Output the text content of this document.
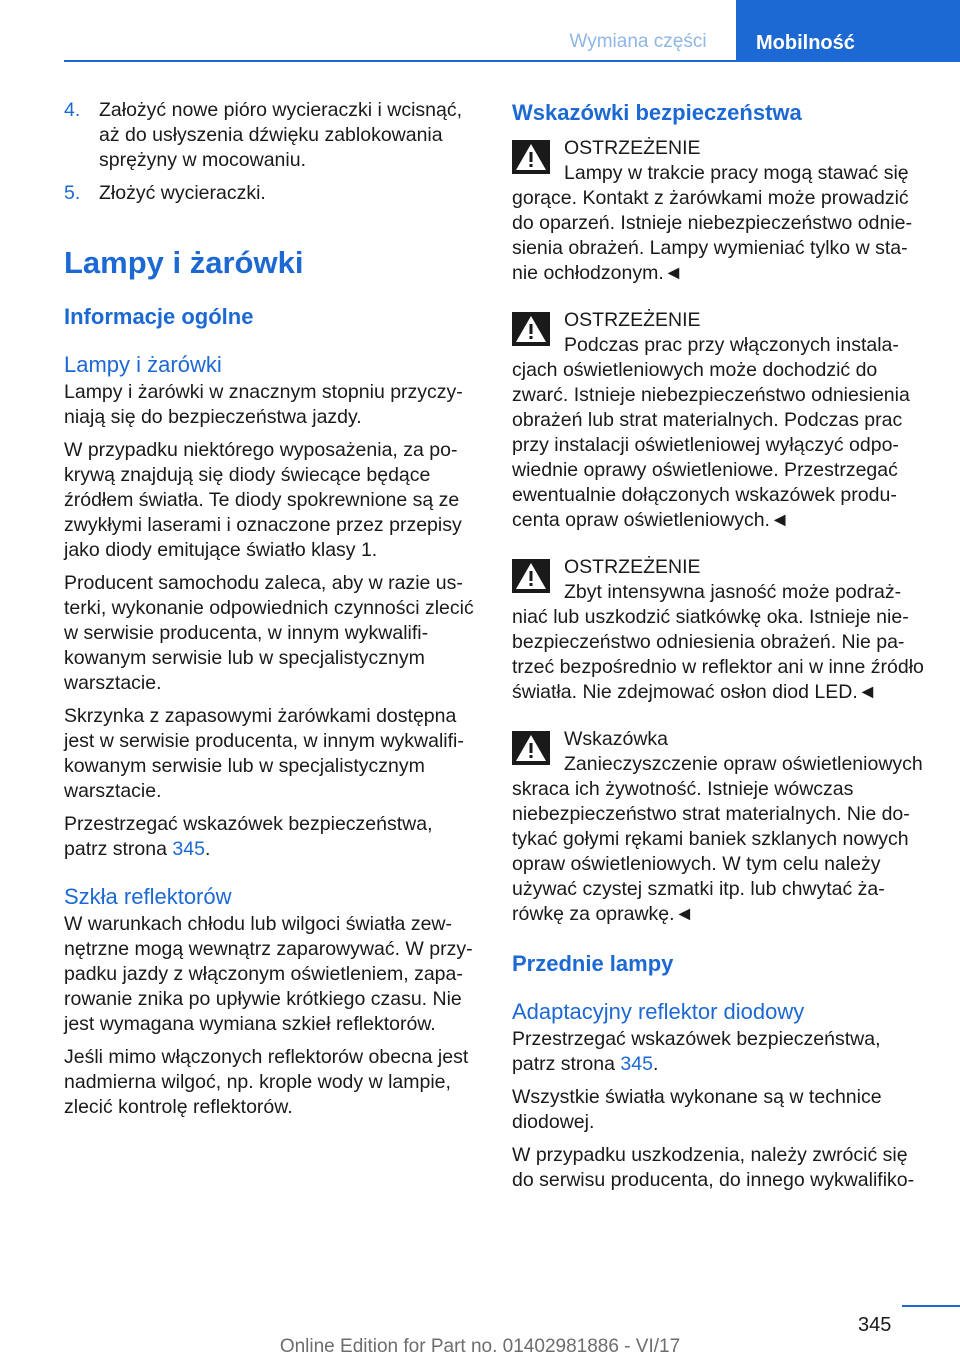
Wymiana części	Mobilność
4. Założyć nowe pióro wycieraczki i wcisnąć, aż do usłyszenia dźwięku zablokowania sprężyny w mocowaniu.
5. Złożyć wycieraczki.
Lampy i żarówki
Informacje ogólne
Lampy i żarówki

Lampy i żarówki w znacznym stopniu przyczyniają się do bezpieczeństwa jazdy.

W przypadku niektórego wyposażenia, za pokrywą znajdują się diody świecące będące źródłem światła. Te diody spokrewnione są ze zwykłymi laserami i oznaczone przez przepisy jako diody emitujące światło klasy 1.

Producent samochodu zaleca, aby w razie usterki, wykonanie odpowiednich czynności zlecić w serwisie producenta, w innym wykwalifikowanym serwisie lub w specjalistycznym warsztacie.

Skrzynka z zapasowymi żarówkami dostępna jest w serwisie producenta, w innym wykwalifikowanym serwisie lub w specjalistycznym warsztacie.

Przestrzegać wskazówek bezpieczeństwa, patrz strona 345.

Szkła reflektorów

W warunkach chłodu lub wilgoci światła zewnętrzne mogą wewnątrz zaparowywać. W przypadku jazdy z włączonym oświetleniem, zaparowanie znika po upływie krótkiego czasu. Nie jest wymagana wymiana szkieł reflektorów.

Jeśli mimo włączonych reflektorów obecna jest nadmierna wilgoć, np. krople wody w lampie, zlecić kontrolę reflektorów.

Wskazówki bezpieczeństwa

OSTRZEŻENIE

Lampy w trakcie pracy mogą stawać się gorące. Kontakt z żarówkami może prowadzić do oparzeń. Istnieje niebezpieczeństwo odniesienia obrażeń. Lampy wymieniać tylko w stanie ochłodzonym.◄

OSTRZEŻENIE

Podczas prac przy włączonych instalacjach oświetleniowych może dochodzić do zwarć. Istnieje niebezpieczeństwo odniesienia obrażeń lub strat materialnych. Podczas prac przy instalacji oświetleniowej wyłączyć odpowiednie oprawy oświetleniowe. Przestrzegać ewentualnie dołączonych wskazówek producenta opraw oświetleniowych.◄

OSTRZEŻENIE

Zbyt intensywna jasność może podrażniać lub uszkodzić siatkówkę oka. Istnieje niebezpieczeństwo odniesienia obrażeń. Nie patrzeć bezpośrednio w reflektor ani w inne źródło światła. Nie zdejmować osłon diod LED.◄

Wskazówka

Zanieczyszczenie opraw oświetleniowych skraca ich żywotność. Istnieje wówczas niebezpieczeństwo strat materialnych. Nie dotykać gołymi rękami baniek szklanych nowych opraw oświetleniowych. W tym celu należy używać czystej szmatki itp. lub chwytać żarówkę za oprawkę.◄

Przednie lampy
Adaptacyjny reflektor diodowy

Przestrzegać wskazówek bezpieczeństwa, patrz strona 345.

Wszystkie światła wykonane są w technice diodowej.

W przypadku uszkodzenia, należy zwrócić się do serwisu producenta, do innego wykwalifiko-

345
Online Edition for Part no. 01402981886 - VI/17
